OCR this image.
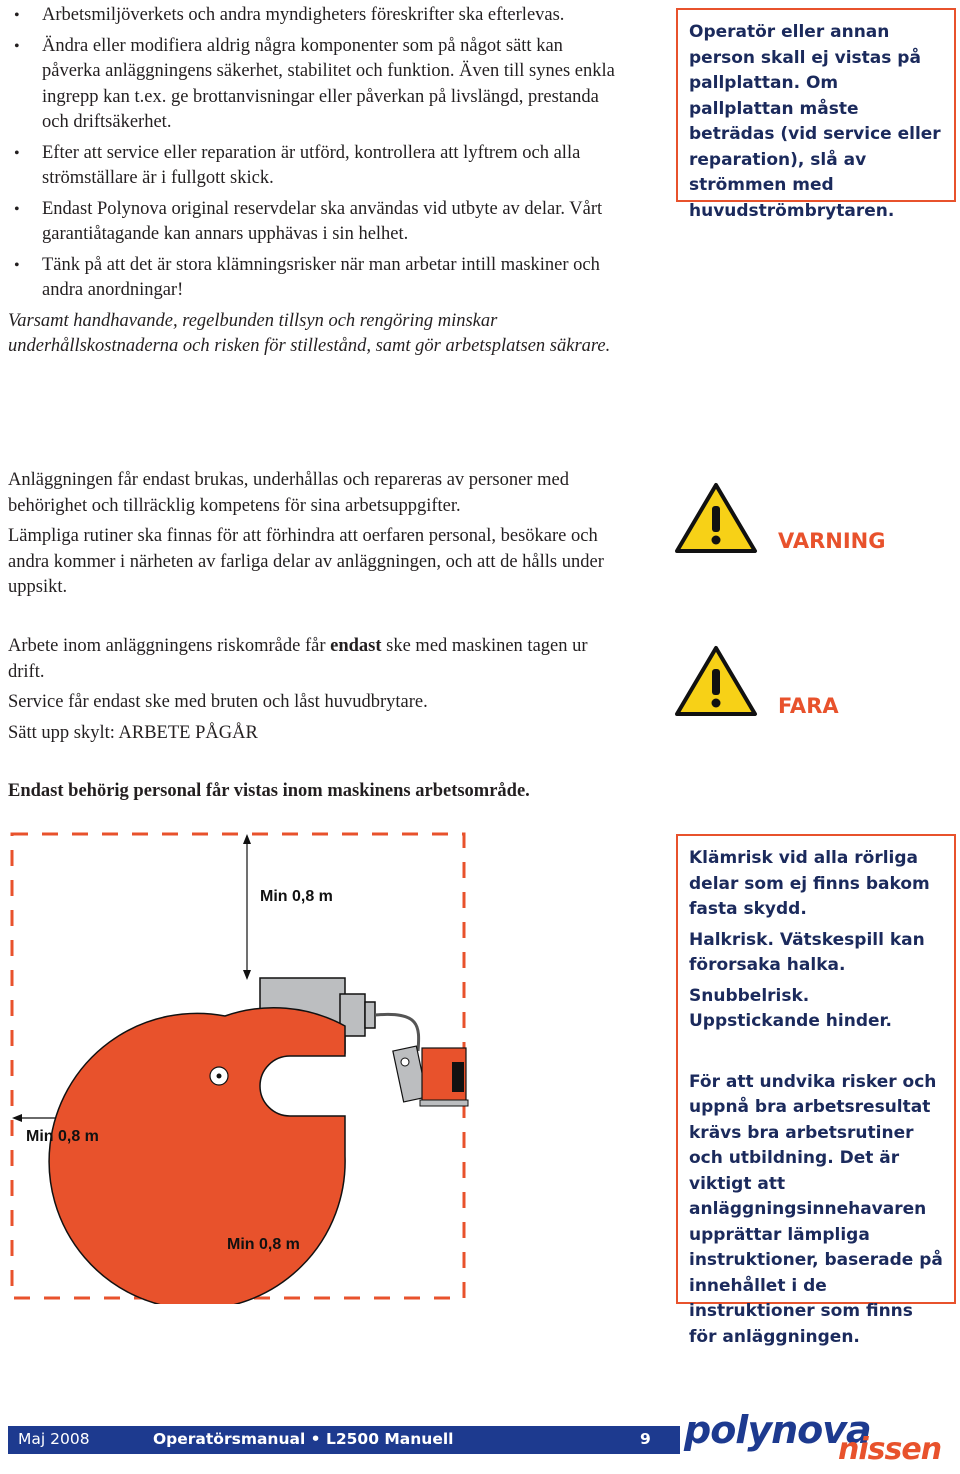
• Arbetsmiljöverkets och andra myndigheters föreskrifter ska efterlevas.
• Ändra eller modifiera aldrig några komponenter som på något sätt kan påverka anläggningens säkerhet, stabilitet och funktion. Även till synes enkla ingrepp kan t.ex. ge brottanvisningar eller påverkan på livslängd, prestanda och driftsäkerhet.
• Efter att service eller reparation är utförd, kontrollera att lyftrem och alla strömställare är i fullgott skick.
• Endast Polynova original reservdelar ska användas vid utbyte av delar. Vårt garantiåtagande kan annars upphävas i sin helhet.
• Tänk på att det är stora klämningsrisker när man arbetar intill maskiner och andra anordningar!

Varsamt handhavande, regelbunden tillsyn och rengöring minskar underhållskostnaderna och risken för stillestånd, samt gör arbetsplatsen säkrare.

Operatör eller annan person skall ej vistas på pallplattan. Om pallplattan måste beträdas (vid service eller reparation), slå av strömmen med huvudströmbrytaren.

Anläggningen får endast brukas, underhållas och repareras av personer med behörighet och tillräcklig kompetens för sina arbetsuppgifter.

Lämpliga rutiner ska finnas för att förhindra att oerfaren personal, besökare och andra kommer i närheten av farliga delar av anläggningen, och att de hålls under uppsikt.

Arbete inom anläggningens riskområde får endast ske med maskinen tagen ur drift.

Service får endast ske med bruten och låst huvudbrytare.

Sätt upp skylt: ARBETE PÅGÅR

Endast behörig personal får vistas inom maskinens arbetsområde.

VARNING
FARA
Min 0,8 m
Min 0,8 m
Min 0,8 m

Klämrisk vid alla rörliga delar som ej finns bakom fasta skydd.

Halkrisk. Vätskespill kan förorsaka halka.

Snubbelrisk. Uppstickande hinder.

För att undvika risker och uppnå bra arbetsresultat krävs bra arbetsrutiner och utbildning. Det är viktigt att anläggningsinnehavaren upprättar lämpliga instruktioner, baserade på innehållet i de instruktioner som finns för anläggningen.

Maj 2008	Operatörsmanual • L2500 Manuell	9 polynova
nissen
